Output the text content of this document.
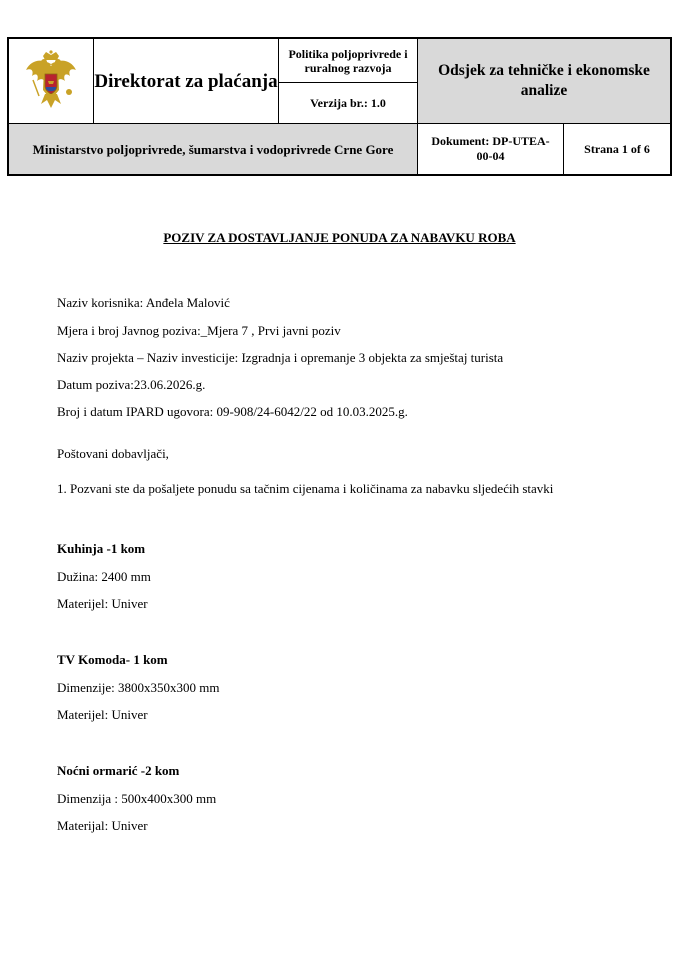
Direktorat za plaćanja
Politika poljoprivrede i ruralnog razvoja
Verzija br.: 1.0
Odsjek za tehničke i ekonomske analize
Ministarstvo poljoprivrede, šumarstva i vodoprivrede Crne Gore
Dokument: DP-UTEA-00-04
Strana 1 of 6
POZIV ZA DOSTAVLJANJE PONUDA ZA NABAVKU ROBA
Naziv korisnika: Anđela Malović
Mjera i broj Javnog poziva:_Mjera 7 , Prvi javni poziv
Naziv projekta – Naziv investicije: Izgradnja i opremanje 3 objekta za smještaj turista
Datum poziva:23.06.2026.g.
Broj i datum IPARD ugovora: 09-908/24-6042/22 od 10.03.2025.g.
Poštovani dobavljači,
1. Pozvani ste da pošaljete ponudu sa tačnim cijenama i količinama za nabavku sljedećih stavki
Kuhinja -1 kom
Dužina: 2400 mm
Materijel: Univer
TV Komoda- 1 kom
Dimenzije: 3800x350x300 mm
Materijel: Univer
Noćni ormarić -2 kom
Dimenzija : 500x400x300 mm
Materijal: Univer
